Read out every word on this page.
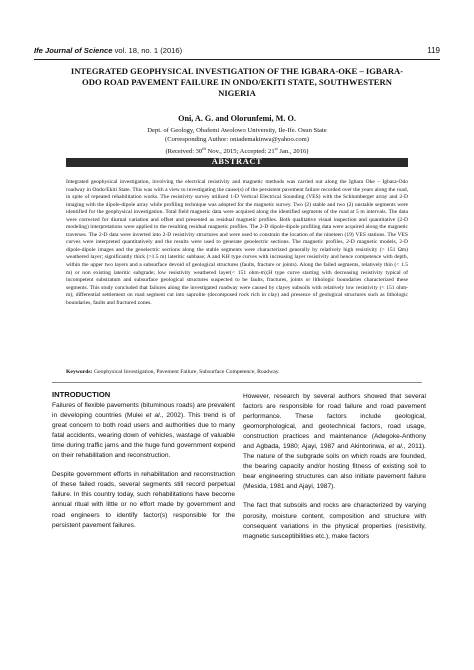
Ife Journal of Science vol. 18, no. 1 (2016)	119
INTEGRATED GEOPHYSICAL INVESTIGATION OF THE IGBARA-OKE – IGBARA-
ODO ROAD PAVEMENT FAILURE IN ONDO/EKITI STATE, SOUTHWESTERN
NIGERIA
Oni, A. G. and Olorunfemi, M. O.
Dept. of Geology, Obafemi Awolowo University, Ile-Ife. Osun State
(Corresponding Author: oniademakinwa@yahoo.com)
(Received: 30th Nov., 2015; Accepted: 21st Jan., 2016)
ABSTRACT

Integrated geophysical investigation, involving the electrical resistivity and magnetic methods was carried out along the Igbara Oke – Igbara-Odo roadway in Ondo/Ekiti State. This was with a view to investigating the cause(s) of the persistent pavement failure recorded over the years along the road, in spite of repeated rehabilitation works. The resistivity survey utilized 1-D Vertical Electrical Sounding (VES) with the Schlumberger array and 2-D imaging with the dipole-dipole array while profiling technique was adopted for the magnetic survey. Two (2) stable and two (2) unstable segments were identified for the geophysical investigation. Total field magnetic data were acquired along the identified segments of the road at 5 m intervals. The data were corrected for diurnal variation and offset and presented as residual magnetic profiles. Both qualitative visual inspection and quantitative (2-D modeling) interpretations were applied to the resulting residual magnetic profiles. The 2-D dipole-dipole profiling data were acquired along the magnetic traverses. The 2-D data were inverted into 2-D resistivity structures and were used to constrain the location of the nineteen (19) VES stations. The VES curves were interpreted quantitatively and the results were used to generate geoelectric sections. The magnetic profiles, 2-D magnetic models, 2-D dipole-dipole images and the geoelectric sections along the stable segments were characterized generally by relatively high resistivity (> 151 Ωm) weathered layer; significantly thick (>1.5 m) lateritic subbase; A and KH type curves with increasing layer resistivity and hence competence with depth, within the upper two layers and a subsurface devoid of geological structures (faults, fracture or joints). Along the failed segments, relatively thin (< 1.5 m) or non existing lateritic subgrade; low resistivity weathered layer(< 151 ohm-m);H type curve starting with decreasing resistivity typical of incompetent substratum and subsurface geological structures suspected to be faults, fractures, joints or lithologic boundaries characterized these segments. This study concluded that failures along the investigated roadway were caused by clayey subsoils with relatively low resistivity (< 151 ohm-m); differential settlement on road segment cut into saprolite (decomposed rock rich in clay) and presence of geological structures such as lithologic boundaries, faults and fractured zones.

Keywords: Geophysical Investigation, Pavement Failure, Subsurface Competence, Roadway.
INTRODUCTION

Failures of flexible pavements (bituminous roads) are prevalent in developing countries (Mulei et al., 2002). This trend is of great concern to both road users and authorities due to many fatal accidents, wearing down of vehicles, wastage of valuable time during traffic jams and the huge fund government expend on their rehabilitation and reconstruction.

Despite government efforts in rehabilitation and reconstruction of these failed roads, several segments still record perpetual failure. In this country today, such rehabilitations have become annual ritual with little or no effort made by government and road engineers to identify factor(s) responsible for the persistent pavement failures.

However, research by several authors showed that several factors are responsible for road failure and road pavement performance. These factors include geological, geomorphological, and geotechnical factors, road usage, construction practices and maintenance (Adegoke-Anthony and Agbada, 1980; Ajayi, 1987 and Akintorinwa, et al., 2011). The nature of the subgrade soils on which roads are founded, the bearing capacity and/or hosting fitness of existing soil to bear engineering structures can also initiate pavement failure (Mesida, 1981 and Ajayi, 1987).

The fact that subsoils and rocks are characterized by varying porosity, moisture content, composition and structure with consequent variations in the physical properties (resistivity, magnetic susceptibilities etc.), make factors
